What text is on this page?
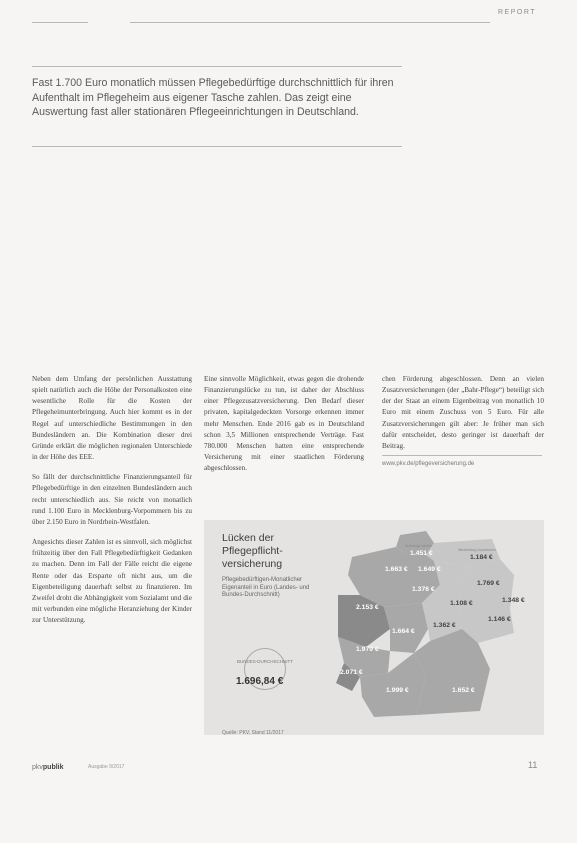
REPORT
Fast 1.700 Euro monatlich müssen Pflegebedürftige durchschnittlich für ihren Aufenthalt im Pflegeheim aus eigener Tasche zahlen. Das zeigt eine Auswertung fast aller stationären Pflegeeinrichtungen in Deutschland.

Neben dem Umfang der persönlichen Ausstattung spielt natürlich auch die Höhe der Personalkosten eine wesentliche Rolle für die Kosten der Pflegeheimunterbringung. Auch hier kommt es in der Regel auf unterschiedliche Bestimmungen in den Bundesländern an. Die Kombination dieser drei Gründe erklärt die möglichen regionalen Unterschiede in der Höhe des EEE.

So fällt der durchschnittliche Finanzierungsanteil für Pflegebedürftige in den einzelnen Bundesländern auch recht unterschiedlich aus. Sie reicht von monatlich rund 1.100 Euro in Mecklenburg-Vorpommern bis zu über 2.150 Euro in Nordrhein-Westfalen.

Angesichts dieser Zahlen ist es sinnvoll, sich möglichst frühzeitig über den Fall Pflegebedürftigkeit Gedanken zu machen. Denn im Fall der Fälle reicht die eigene Rente oder das Ersparte oft nicht aus, um die Eigenbeteiligung dauerhaft selbst zu finanzieren. Im Zweifel droht die Abhängigkeit vom Sozialamt und die mit verbunden eine mögliche Heranziehung der Kinder zur Unterstützung.

Eine sinnvolle Möglichkeit, etwas gegen die drohende Finanzierungslücke zu tun, ist daher der Abschluss einer Pflegezusatzversicherung. Den Bedarf dieser privaten, kapitalgedeckten Vorsorge erkennen immer mehr Menschen. Ende 2016 gab es in Deutschland schon 3,5 Millionen entsprechende Verträge. Fast 780.000 Menschen hatten eine entsprechende Versicherung mit einer staatlichen Förderung abgeschlossen.

chen Förderung abgeschlossen. Denn an vielen Zusatzversicherungen (der „Bahr-Pflege“) beteiligt sich der der Staat an einem Eigenbeitrag von monatlich 10 Euro mit einem Zuschuss von 5 Euro. Für alle Zusatzversicherungen gilt aber: Je früher man sich dafür entscheidet, desto geringer ist dauerhaft der Beitrag.

www.pkv.de/pflegeversicherung.de
Lücken der Pflegepflicht-versicherung
Pflegebedürftigen-Monatlicher Eigenanteil in Euro (Landes- und Bundes-Durchschnitt)
BUNDES-DURCHSCHNITT
1.696,84 €
Quelle: PKV, Stand 11/2017
Schleswig-Holstein
1.451 €
1.649 €
Mecklenburg-Vorpommern
1.184 €
1.663 €
1.376 €
1.769 €
1.348 €
1.108 €
2.153 €
1.664 €
1.362 €
1.146 €
1.979 €
2.071 €
1.999 €	1.652 €
pkvpublik	Ausgabe 9/2017	11
